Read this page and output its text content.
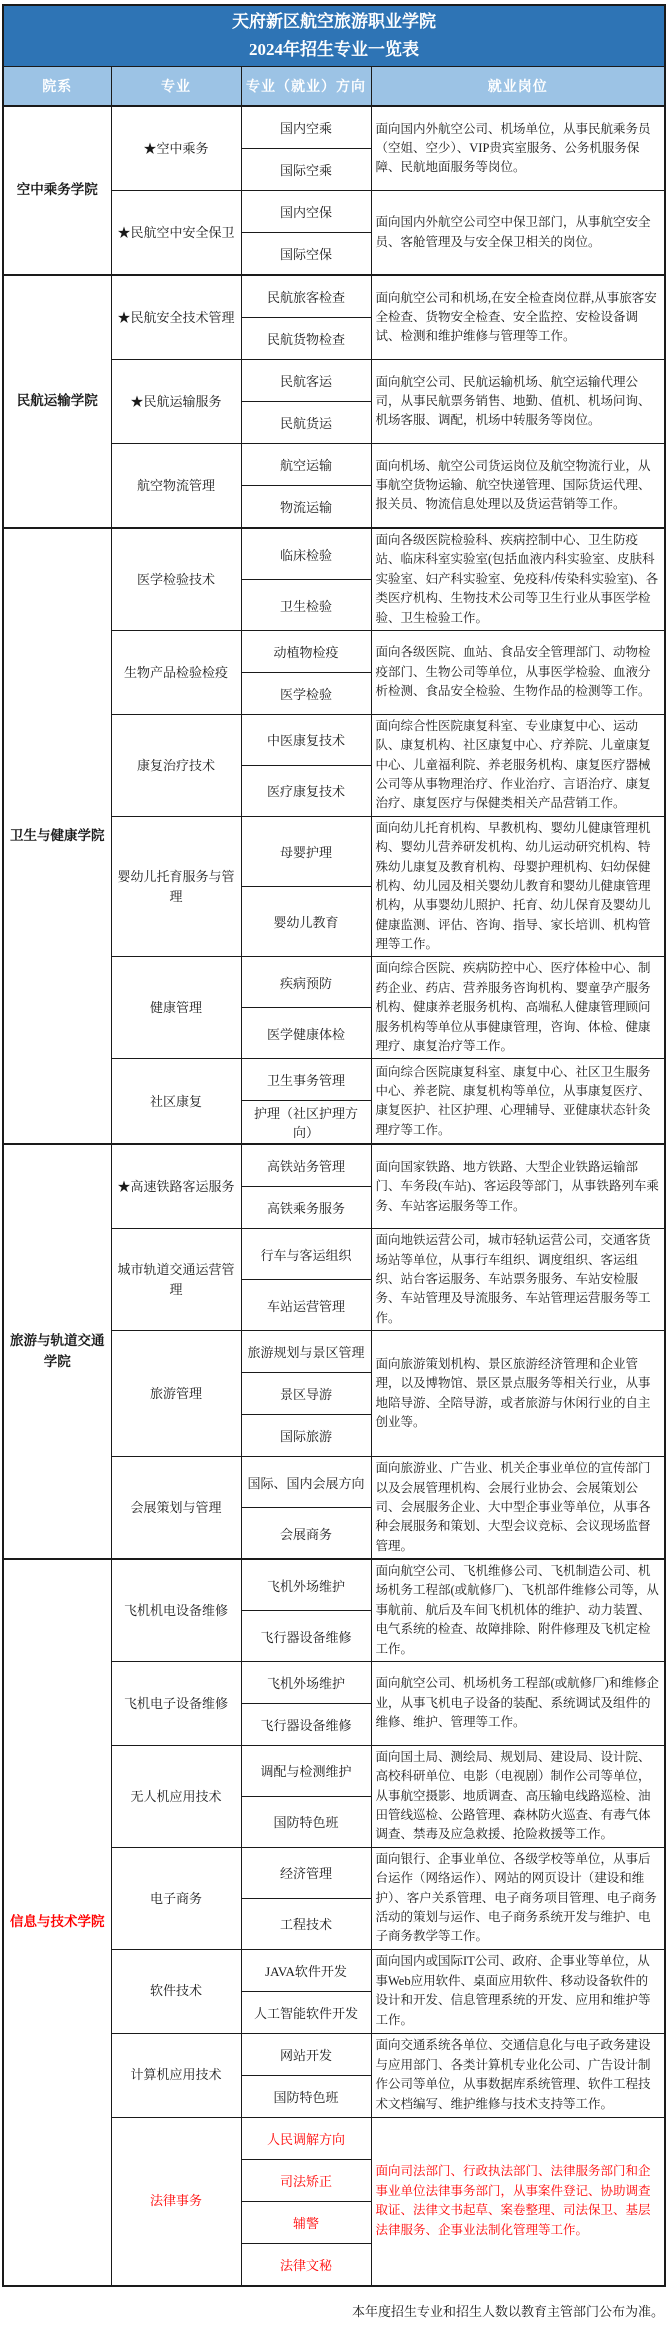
天府新区航空旅游职业学院
2024年招生专业一览表			

院系	专业	专业（就业）方向	就业岗位
空中乘务学院	★空中乘务	国内空乘	面向国内外航空公司、机场单位，从事民航乘务员（空姐、空少）、VIP贵宾室服务、公务机服务保障、民航地面服务等岗位。
		国际空乘	
	★民航空中安全保卫	国内空保	面向国内外航空公司空中保卫部门，从事航空安全员、客舱管理及与安全保卫相关的岗位。
		国际空保	
民航运输学院	★民航安全技术管理	民航旅客检查	面向航空公司和机场,在安全检查岗位群,从事旅客安全检查、货物安全检查、安全监控、安检设备调试、检测和维护维修与管理等工作。
		民航货物检查	
	★民航运输服务	民航客运	面向航空公司、民航运输机场、航空运输代理公司，从事民航票务销售、地勤、值机、机场问询、机场客服、调配，机场中转服务等岗位。
		民航货运	
	航空物流管理	航空运输	面向机场、航空公司货运岗位及航空物流行业，从事航空货物运输、航空快递管理、国际货运代理、报关员、物流信息处理以及货运营销等工作。
		物流运输	
卫生与健康学院	医学检验技术	临床检验	面向各级医院检验科、疾病控制中心、卫生防疫站、临床科室实验室(包括血液内科实验室、皮肤科实验室、妇产科实验室、免疫科/传染科实验室)、各类医疗机构、生物技术公司等卫生行业从事医学检验、卫生检验工作。
		卫生检验	
	生物产品检验检疫	动植物检疫	面向各级医院、血站、食品安全管理部门、动物检疫部门、生物公司等单位，从事医学检验、血液分析检测、食品安全检验、生物作品的检测等工作。
		医学检验	
	康复治疗技术	中医康复技术	面向综合性医院康复科室、专业康复中心、运动队、康复机构、社区康复中心、疗养院、儿童康复中心、儿童福利院、养老服务机构、康复医疗器械公司等从事物理治疗、作业治疗、言语治疗、康复治疗、康复医疗与保健类相关产品营销工作。
		医疗康复技术	
	婴幼儿托育服务与管理	母婴护理	面向幼儿托育机构、早教机构、婴幼儿健康管理机构、婴幼儿营养研发机构、幼儿运动研究机构、特殊幼儿康复及教育机构、母婴护理机构、妇幼保健机构、幼儿园及相关婴幼儿教育和婴幼儿健康管理机构，从事婴幼儿照护、托育、幼儿保育及婴幼儿健康监测、评估、咨询、指导、家长培训、机构管理等工作。
		婴幼儿教育	
	健康管理	疾病预防	面向综合医院、疾病防控中心、医疗体检中心、制药企业、药店、营养服务咨询机构、婴童孕产服务机构、健康养老服务机构、高端私人健康管理顾问服务机构等单位从事健康管理，咨询、体检、健康理疗、康复治疗等工作。
		医学健康体检	
	社区康复	卫生事务管理	面向综合医院康复科室、康复中心、社区卫生服务中心、养老院、康复机构等单位，从事康复医疗、康复医护、社区护理、心理辅导、亚健康状态针灸理疗等工作。
		护理（社区护理方向）	
旅游与轨道交通学院	★高速铁路客运服务	高铁站务管理	面向国家铁路、地方铁路、大型企业铁路运输部门、车务段(车站)、客运段等部门，从事铁路列车乘务、车站客运服务等工作。
		高铁乘务服务	
	城市轨道交通运营管理	行车与客运组织	面向地铁运营公司，城市轻轨运营公司，交通客货场站等单位，从事行车组织、调度组织、客运组织、站台客运服务、车站票务服务、车站安检服务、车站管理及导流服务、车站管理运营服务等工作。
		车站运营管理	
	旅游管理	旅游规划与景区管理	面向旅游策划机构、景区旅游经济管理和企业管理，以及博物馆、景区景点服务等相关行业，从事地陪导游、全陪导游，或者旅游与休闲行业的自主创业等。
		景区导游	
		国际旅游	
	会展策划与管理	国际、国内会展方向	面向旅游业、广告业、机关企事业单位的宣传部门以及会展管理机构、会展行业协会、会展策划公司、会展服务企业、大中型企事业等单位，从事各种会展服务和策划、大型会议竞标、会议现场监督管理。
		会展商务	
信息与技术学院	飞机机电设备维修	飞机外场维护	面向航空公司、飞机维修公司、飞机制造公司、机场机务工程部(或航修厂)、飞机部件维修公司等，从事航前、航后及车间飞机机体的维护、动力装置、电气系统的检查、故障排除、附件修理及飞机定检工作。
		飞行器设备维修	
	飞机电子设备维修	飞机外场维护	面向航空公司、机场机务工程部(或航修厂)和维修企业，从事飞机电子设备的装配、系统调试及组件的维修、维护、管理等工作。
		飞行器设备维修	
	无人机应用技术	调配与检测维护	面向国土局、测绘局、规划局、建设局、设计院、高校科研单位、电影（电视剧）制作公司等单位，从事航空摄影、地质调查、高压输电线路巡检、油田管线巡检、公路管理、森林防火巡查、有毒气体调查、禁毒及应急救援、抢险救援等工作。
		国防特色班	
	电子商务	经济管理	面向银行、企事业单位、各级学校等单位，从事后台运作（网络运作）、网站的网页设计（建设和维护）、客户关系管理、电子商务项目管理、电子商务活动的策划与运作、电子商务系统开发与维护、电子商务教学等工作。
		工程技术	
	软件技术	JAVA软件开发	面向国内或国际IT公司、政府、企事业等单位，从事Web应用软件、桌面应用软件、移动设备软件的设计和开发、信息管理系统的开发、应用和维护等工作。
		人工智能软件开发	
	计算机应用技术	网站开发	面向交通系统各单位、交通信息化与电子政务建设与应用部门、各类计算机专业化公司、广告设计制作公司等单位，从事数据库系统管理、软件工程技术文档编写、维护维修与技术支持等工作。
		国防特色班	
	法律事务	人民调解方向	面向司法部门、行政执法部门、法律服务部门和企事业单位法律事务部门，从事案件登记、协助调查取证、法律文书起草、案卷整理、司法保卫、基层法律服务、企事业法制化管理等工作。
		司法矫正	
		辅警	
		法律文秘	
本年度招生专业和招生人数以教育主管部门公布为准。
